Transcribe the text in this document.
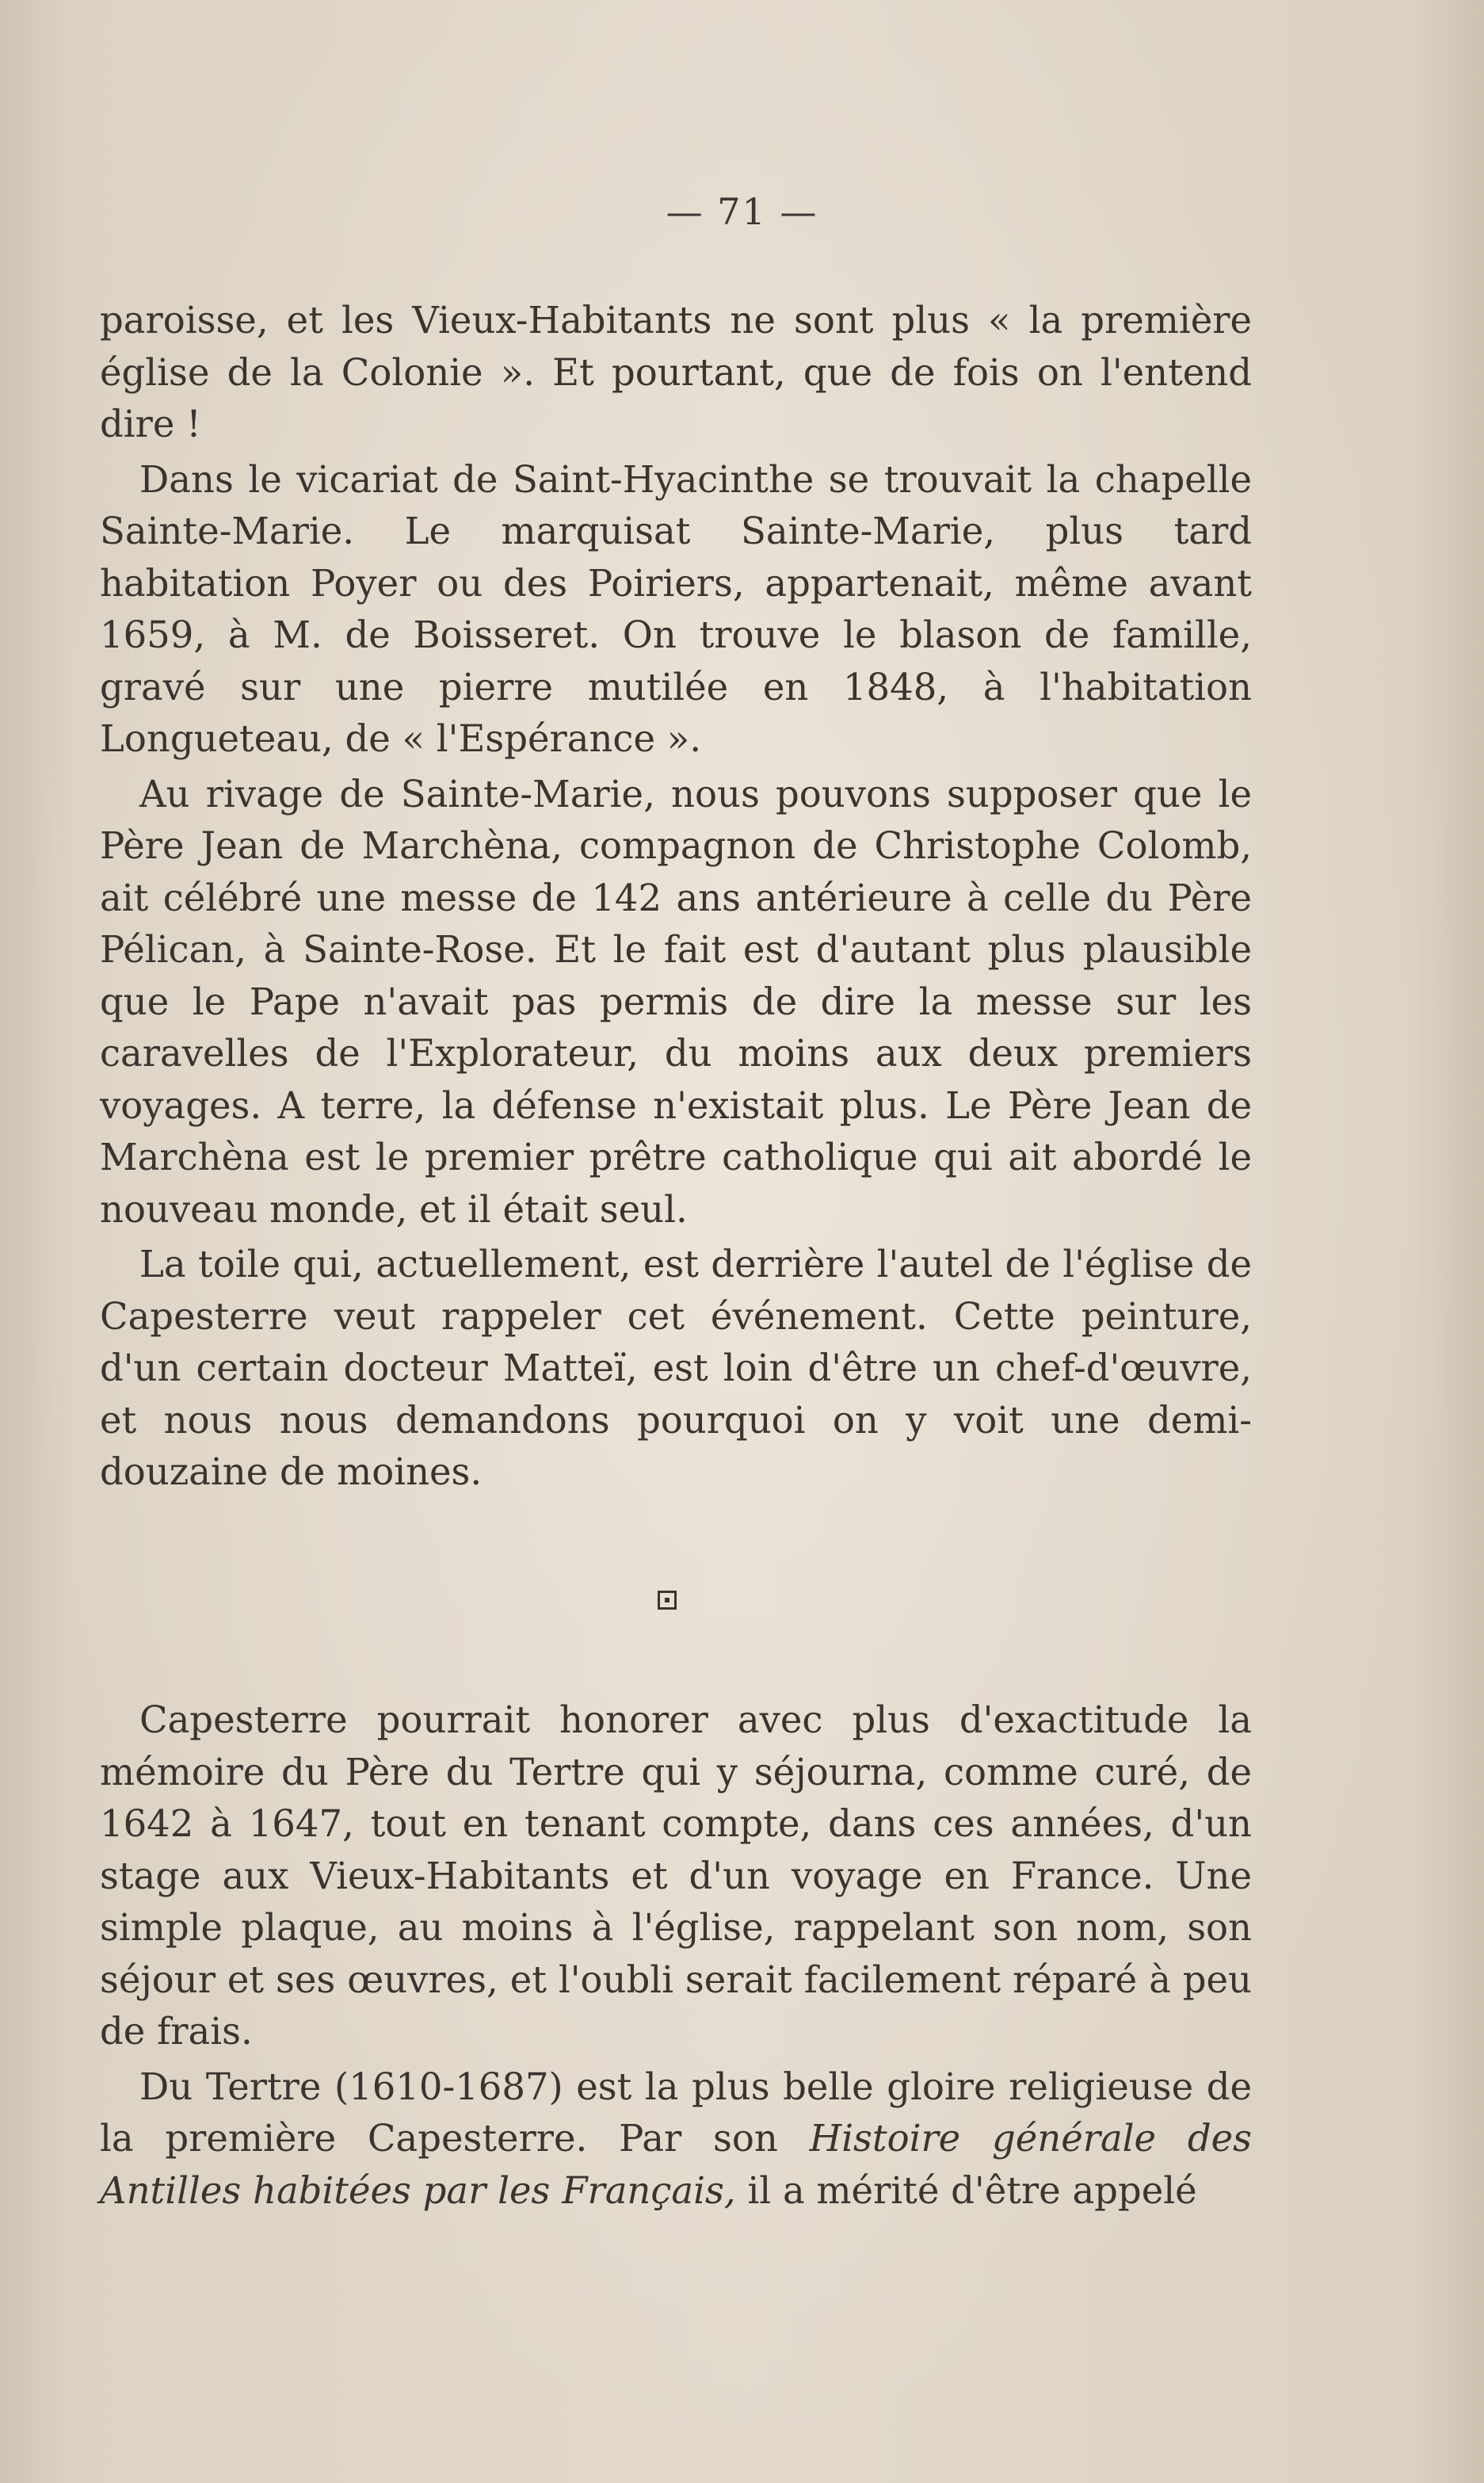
— 71 —

paroisse, et les Vieux-Habitants ne sont plus « la première église de la Colonie ». Et pourtant, que de fois on l'entend dire !

Dans le vicariat de Saint-Hyacinthe se trouvait la chapelle Sainte-Marie. Le marquisat Sainte-Marie, plus tard habitation Poyer ou des Poiriers, appartenait, même avant 1659, à M. de Boisseret. On trouve le blason de famille, gravé sur une pierre mutilée en 1848, à l'habitation Longueteau, de « l'Espérance ».

Au rivage de Sainte-Marie, nous pouvons supposer que le Père Jean de Marchèna, compagnon de Christophe Colomb, ait célébré une messe de 142 ans antérieure à celle du Père Pélican, à Sainte-Rose. Et le fait est d'autant plus plausible que le Pape n'avait pas permis de dire la messe sur les caravelles de l'Explorateur, du moins aux deux premiers voyages. A terre, la défense n'existait plus. Le Père Jean de Marchèna est le premier prêtre catholique qui ait abordé le nouveau monde, et il était seul.

La toile qui, actuellement, est derrière l'autel de l'église de Capesterre veut rappeler cet événement. Cette peinture, d'un certain docteur Matteï, est loin d'être un chef-d'œuvre, et nous nous demandons pourquoi on y voit une demi-douzaine de moines.

Capesterre pourrait honorer avec plus d'exactitude la mémoire du Père du Tertre qui y séjourna, comme curé, de 1642 à 1647, tout en tenant compte, dans ces années, d'un stage aux Vieux-Habitants et d'un voyage en France. Une simple plaque, au moins à l'église, rappelant son nom, son séjour et ses œuvres, et l'oubli serait facilement réparé à peu de frais.

Du Tertre (1610-1687) est la plus belle gloire religieuse de la première Capesterre. Par son Histoire générale des Antilles habitées par les Français, il a mérité d'être appelé
